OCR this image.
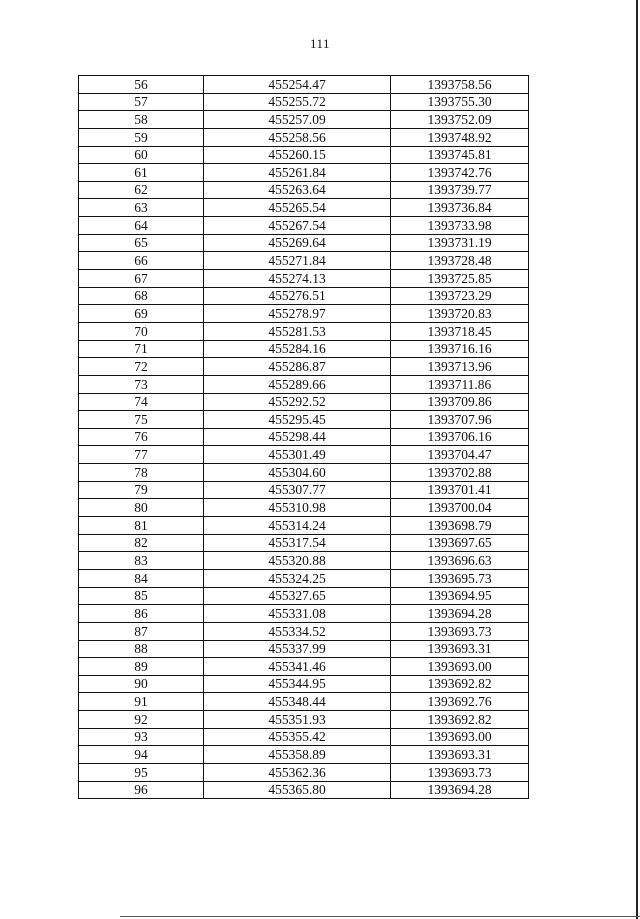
111
56	455254.47	1393758.56
57	455255.72	1393755.30
58	455257.09	1393752.09
59	455258.56	1393748.92
60	455260.15	1393745.81
61	455261.84	1393742.76
62	455263.64	1393739.77
63	455265.54	1393736.84
64	455267.54	1393733.98
65	455269.64	1393731.19
66	455271.84	1393728.48
67	455274.13	1393725.85
68	455276.51	1393723.29
69	455278.97	1393720.83
70	455281.53	1393718.45
71	455284.16	1393716.16
72	455286.87	1393713.96
73	455289.66	1393711.86
74	455292.52	1393709.86
75	455295.45	1393707.96
76	455298.44	1393706.16
77	455301.49	1393704.47
78	455304.60	1393702.88
79	455307.77	1393701.41
80	455310.98	1393700.04
81	455314.24	1393698.79
82	455317.54	1393697.65
83	455320.88	1393696.63
84	455324.25	1393695.73
85	455327.65	1393694.95
86	455331.08	1393694.28
87	455334.52	1393693.73
88	455337.99	1393693.31
89	455341.46	1393693.00
90	455344.95	1393692.82
91	455348.44	1393692.76
92	455351.93	1393692.82
93	455355.42	1393693.00
94	455358.89	1393693.31
95	455362.36	1393693.73
96	455365.80	1393694.28
